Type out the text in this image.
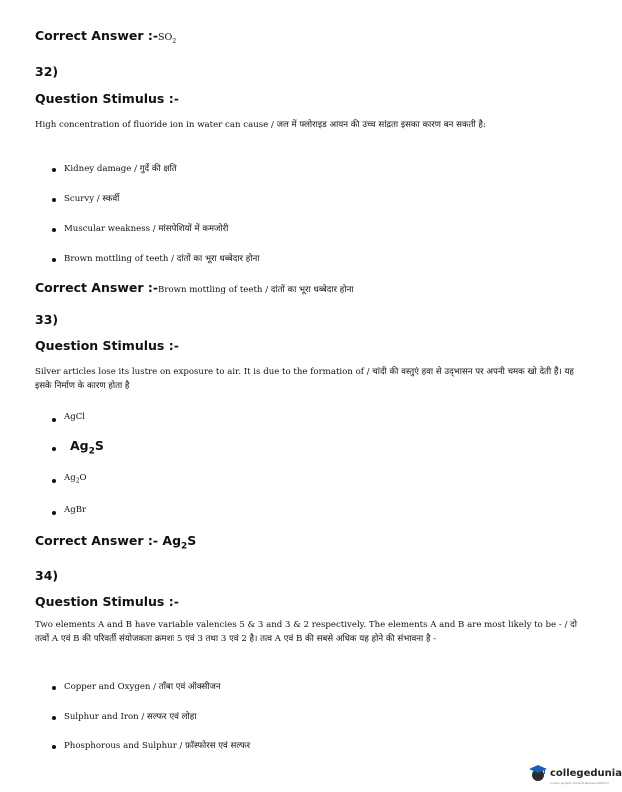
Correct Answer $:-SO_2$
32)
Question Stimulus :-
High concentration of fluoride ion in water can cause / जल में फ्लोराइड आयन की उच्च सांद्रता इसका कारण बन सकती है:
Kidney damage / गुर्दे की क्षति
Scurvy / स्कर्वी
Muscular weakness / मांसपेशियों में कमजोरी
Brown mottling of teeth / दांतों का भूरा धब्बेदार होना
Correct Answer :-Brown mottling of teeth / दांतों का भूरा धब्बेदार होना
33)
Question Stimulus :-
Silver articles lose its lustre on exposure to air. It is due to the formation of / चांदी की वस्तुएं हवा से उद्‌भासन पर अपनी चमक खो देती हैं। यह इसके निर्माण के कारण होता है
AgCl
$Ag_2S$
$Ag_2O$
AgBr
Correct Answer :- $Ag_2S$
34)
Question Stimulus :-
Two elements A and B have variable valencies 5 & 3 and 3 & 2 respectively. The elements A and B are most likely to be - / दो तत्वों A एवं B की परिवर्ती संयोजकता क्रमशः 5 एवं 3 तथा 3 एवं 2 है। तत्व A एवं B की सबसे अधिक यह होने की संभावना है -
Copper and Oxygen / ताँबा एवं ऑक्सीजन
Sulphur and Iron / सल्फर एवं लोहा
Phosphorous and Sulphur / फ़ॉस्फोरस एवं सल्फर
collegedunia
India's largest Student Review Platform
